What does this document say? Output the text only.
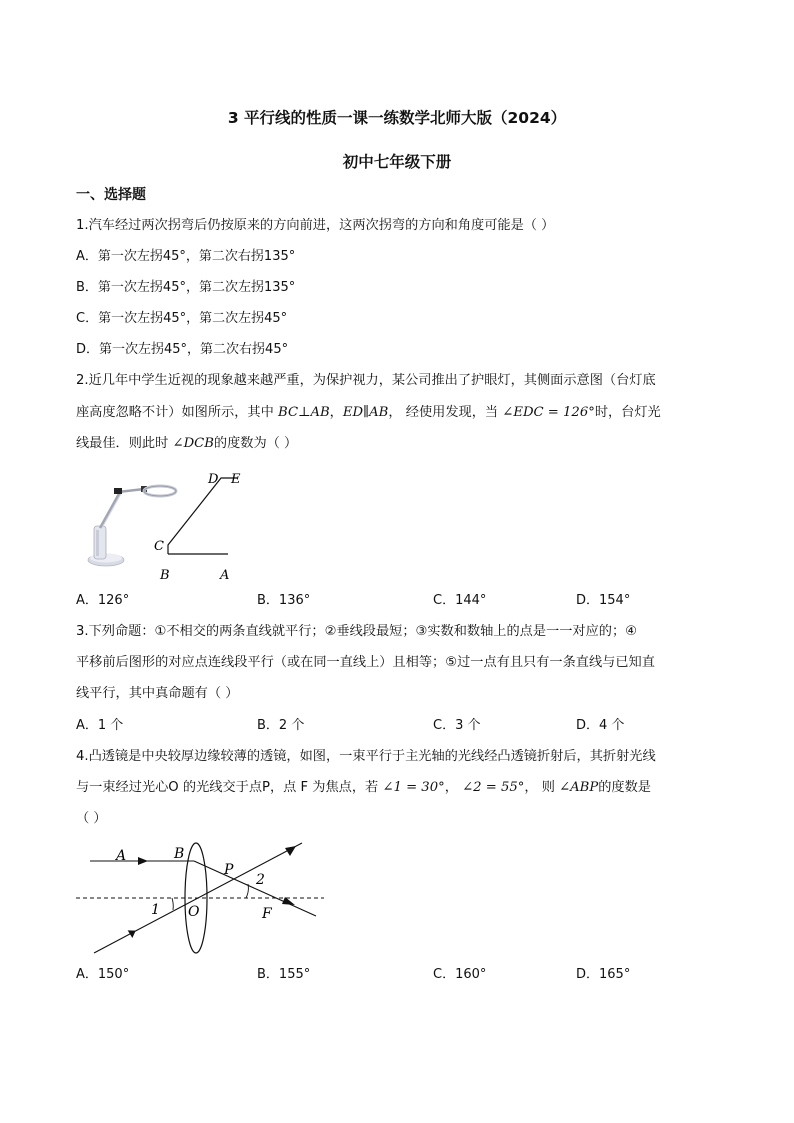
3 平行线的性质一课一练数学北师大版（2024）
初中七年级下册
一、选择题
1.汽车经过两次拐弯后仍按原来的方向前进，这两次拐弯的方向和角度可能是（ ）
A．第一次左拐45°，第二次右拐135°
B．第一次左拐45°，第二次左拐135°
C．第一次左拐45°，第二次左拐45°
D．第一次左拐45°，第二次右拐45°
2.近几年中学生近视的现象越来越严重，为保护视力，某公司推出了护眼灯，其侧面示意图（台灯底
座高度忽略不计）如图所示，其中 BC⊥AB，ED∥AB， 经使用发现，当 ∠EDC = 126°时，台灯光
线最佳．则此时 ∠DCB的度数为（ ）
D E
C
B	A
A．126°	B．136°	C．144°	D．154°
3.下列命题：①不相交的两条直线就平行；②垂线段最短；③实数和数轴上的点是一一对应的；④
平移前后图形的对应点连线段平行（或在同一直线上）且相等；⑤过一点有且只有一条直线与已知直
线平行，其中真命题有（ ）
A．1 个	B．2 个	C．3 个	D．4 个
4.凸透镜是中央较厚边缘较薄的透镜，如图，一束平行于主光轴的光线经凸透镜折射后，其折射光线
与一束经过光心O 的光线交于点P，点 F 为焦点，若 ∠1 = 30°， ∠2 = 55°， 则 ∠ABP的度数是
（ ）
A	B
P
2
1 O	F
A．150°	B．155°	C．160°	D．165°
